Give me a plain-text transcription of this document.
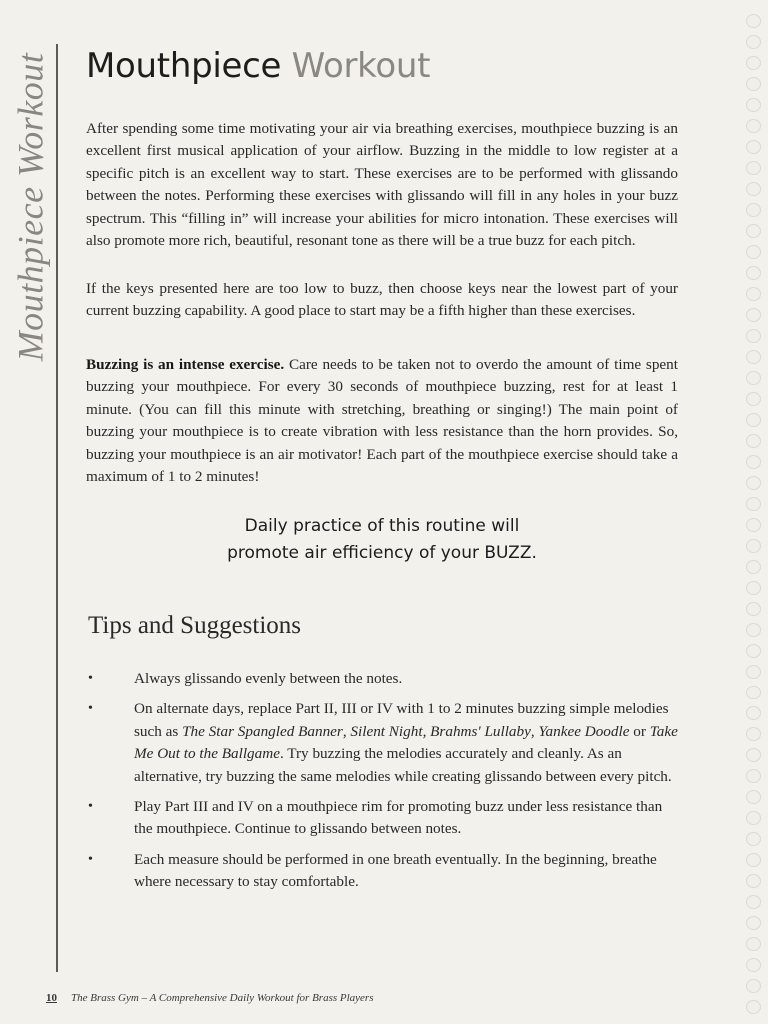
Mouthpiece Workout Mouthpiece Workout

After spending some time motivating your air via breathing exercises, mouthpiece buzzing is an excellent first musical application of your airflow. Buzzing in the middle to low register at a specific pitch is an excellent way to start. These exercises are to be performed with glissando between the notes. Performing these exercises with glissando will fill in any holes in your buzz spectrum. This “filling in” will increase your abilities for micro intonation. These exercises will also promote more rich, beautiful, resonant tone as there will be a true buzz for each pitch.

If the keys presented here are too low to buzz, then choose keys near the lowest part of your current buzzing capability. A good place to start may be a fifth higher than these exercises.

Buzzing is an intense exercise. Care needs to be taken not to overdo the amount of time spent buzzing your mouthpiece. For every 30 seconds of mouthpiece buzzing, rest for at least 1 minute. (You can fill this minute with stretching, breathing or singing!) The main point of buzzing your mouthpiece is to create vibration with less resistance than the horn provides. So, buzzing your mouthpiece is an air motivator! Each part of the mouthpiece exercise should take a maximum of 1 to 2 minutes!

Daily practice of this routine will
promote air efficiency of your BUZZ.
Tips and Suggestions
•	Always glissando evenly between the notes.
•	On alternate days, replace Part II, III or IV with 1 to 2 minutes buzzing simple melodies such as The Star Spangled Banner, Silent Night, Brahms' Lullaby, Yankee Doodle or Take Me Out to the Ballgame. Try buzzing the melodies accurately and cleanly. As an alternative, try buzzing the same melodies while creating glissando between every pitch.
•	Play Part III and IV on a mouthpiece rim for promoting buzz under less resistance than the mouthpiece. Continue to glissando between notes.
•	Each measure should be performed in one breath eventually. In the beginning, breathe where necessary to stay comfortable.

10 The Brass Gym – A Comprehensive Daily Workout for Brass Players
